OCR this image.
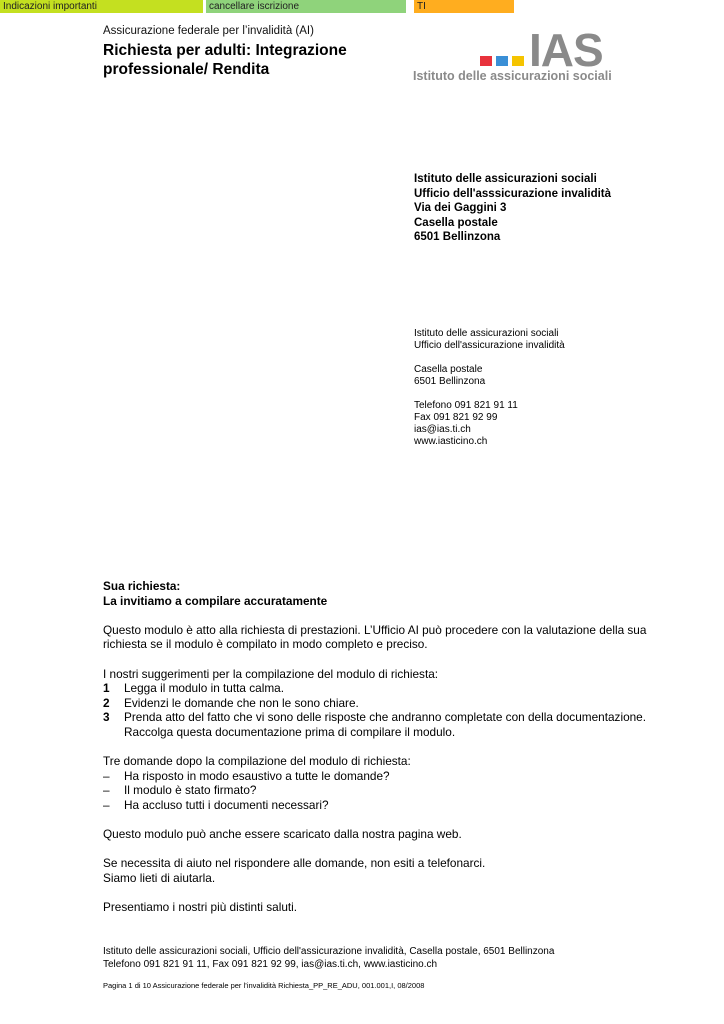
Indicazioni importanti	cancellare iscrizione	TI
Assicurazione federale per l’invalidità (AI)
Richiesta per adulti: Integrazione professionale/ Rendita	IAS
Istituto delle assicurazioni sociali
Istituto delle assicurazioni sociali
Ufficio dell'asssicurazione invalidità
Via dei Gaggini 3
Casella postale
6501 Bellinzona
Istituto delle assicurazioni sociali
Ufficio dell'assicurazione invalidità
Casella postale
6501 Bellinzona
Telefono 091 821 91 11
Fax 091 821 92 99
ias@ias.ti.ch
www.iasticino.ch

Sua richiesta:

La invitiamo a compilare accuratamente

Questo modulo è atto alla richiesta di prestazioni. L’Ufficio AI può procedere con la valutazione della sua richiesta se il modulo è compilato in modo completo e preciso.

I nostri suggerimenti per la compilazione del modulo di richiesta:

1	Legga il modulo in tutta calma.
2	Evidenzi le domande che non le sono chiare.
3	Prenda atto del fatto che vi sono delle risposte che andranno completate con della documentazione. Raccolga questa documentazione prima di compilare il modulo.

Tre domande dopo la compilazione del modulo di richiesta:

–	Ha risposto in modo esaustivo a tutte le domande?
–	Il modulo è stato firmato?
–	Ha accluso tutti i documenti necessari?

Questo modulo può anche essere scaricato dalla nostra pagina web.

Se necessita di aiuto nel rispondere alle domande, non esiti a telefonarci.

Siamo lieti di aiutarla.

Presentiamo i nostri più distinti saluti.

Istituto delle assicurazioni sociali, Ufficio dell'assicurazione invalidità, Casella postale, 6501 Bellinzona
Telefono 091 821 91 11, Fax 091 821 92 99, ias@ias.ti.ch, www.iasticino.ch
Pagina 1 di 10 Assicurazione federale per l’invalidità Richiesta_PP_RE_ADU, 001.001,I, 08/2008
